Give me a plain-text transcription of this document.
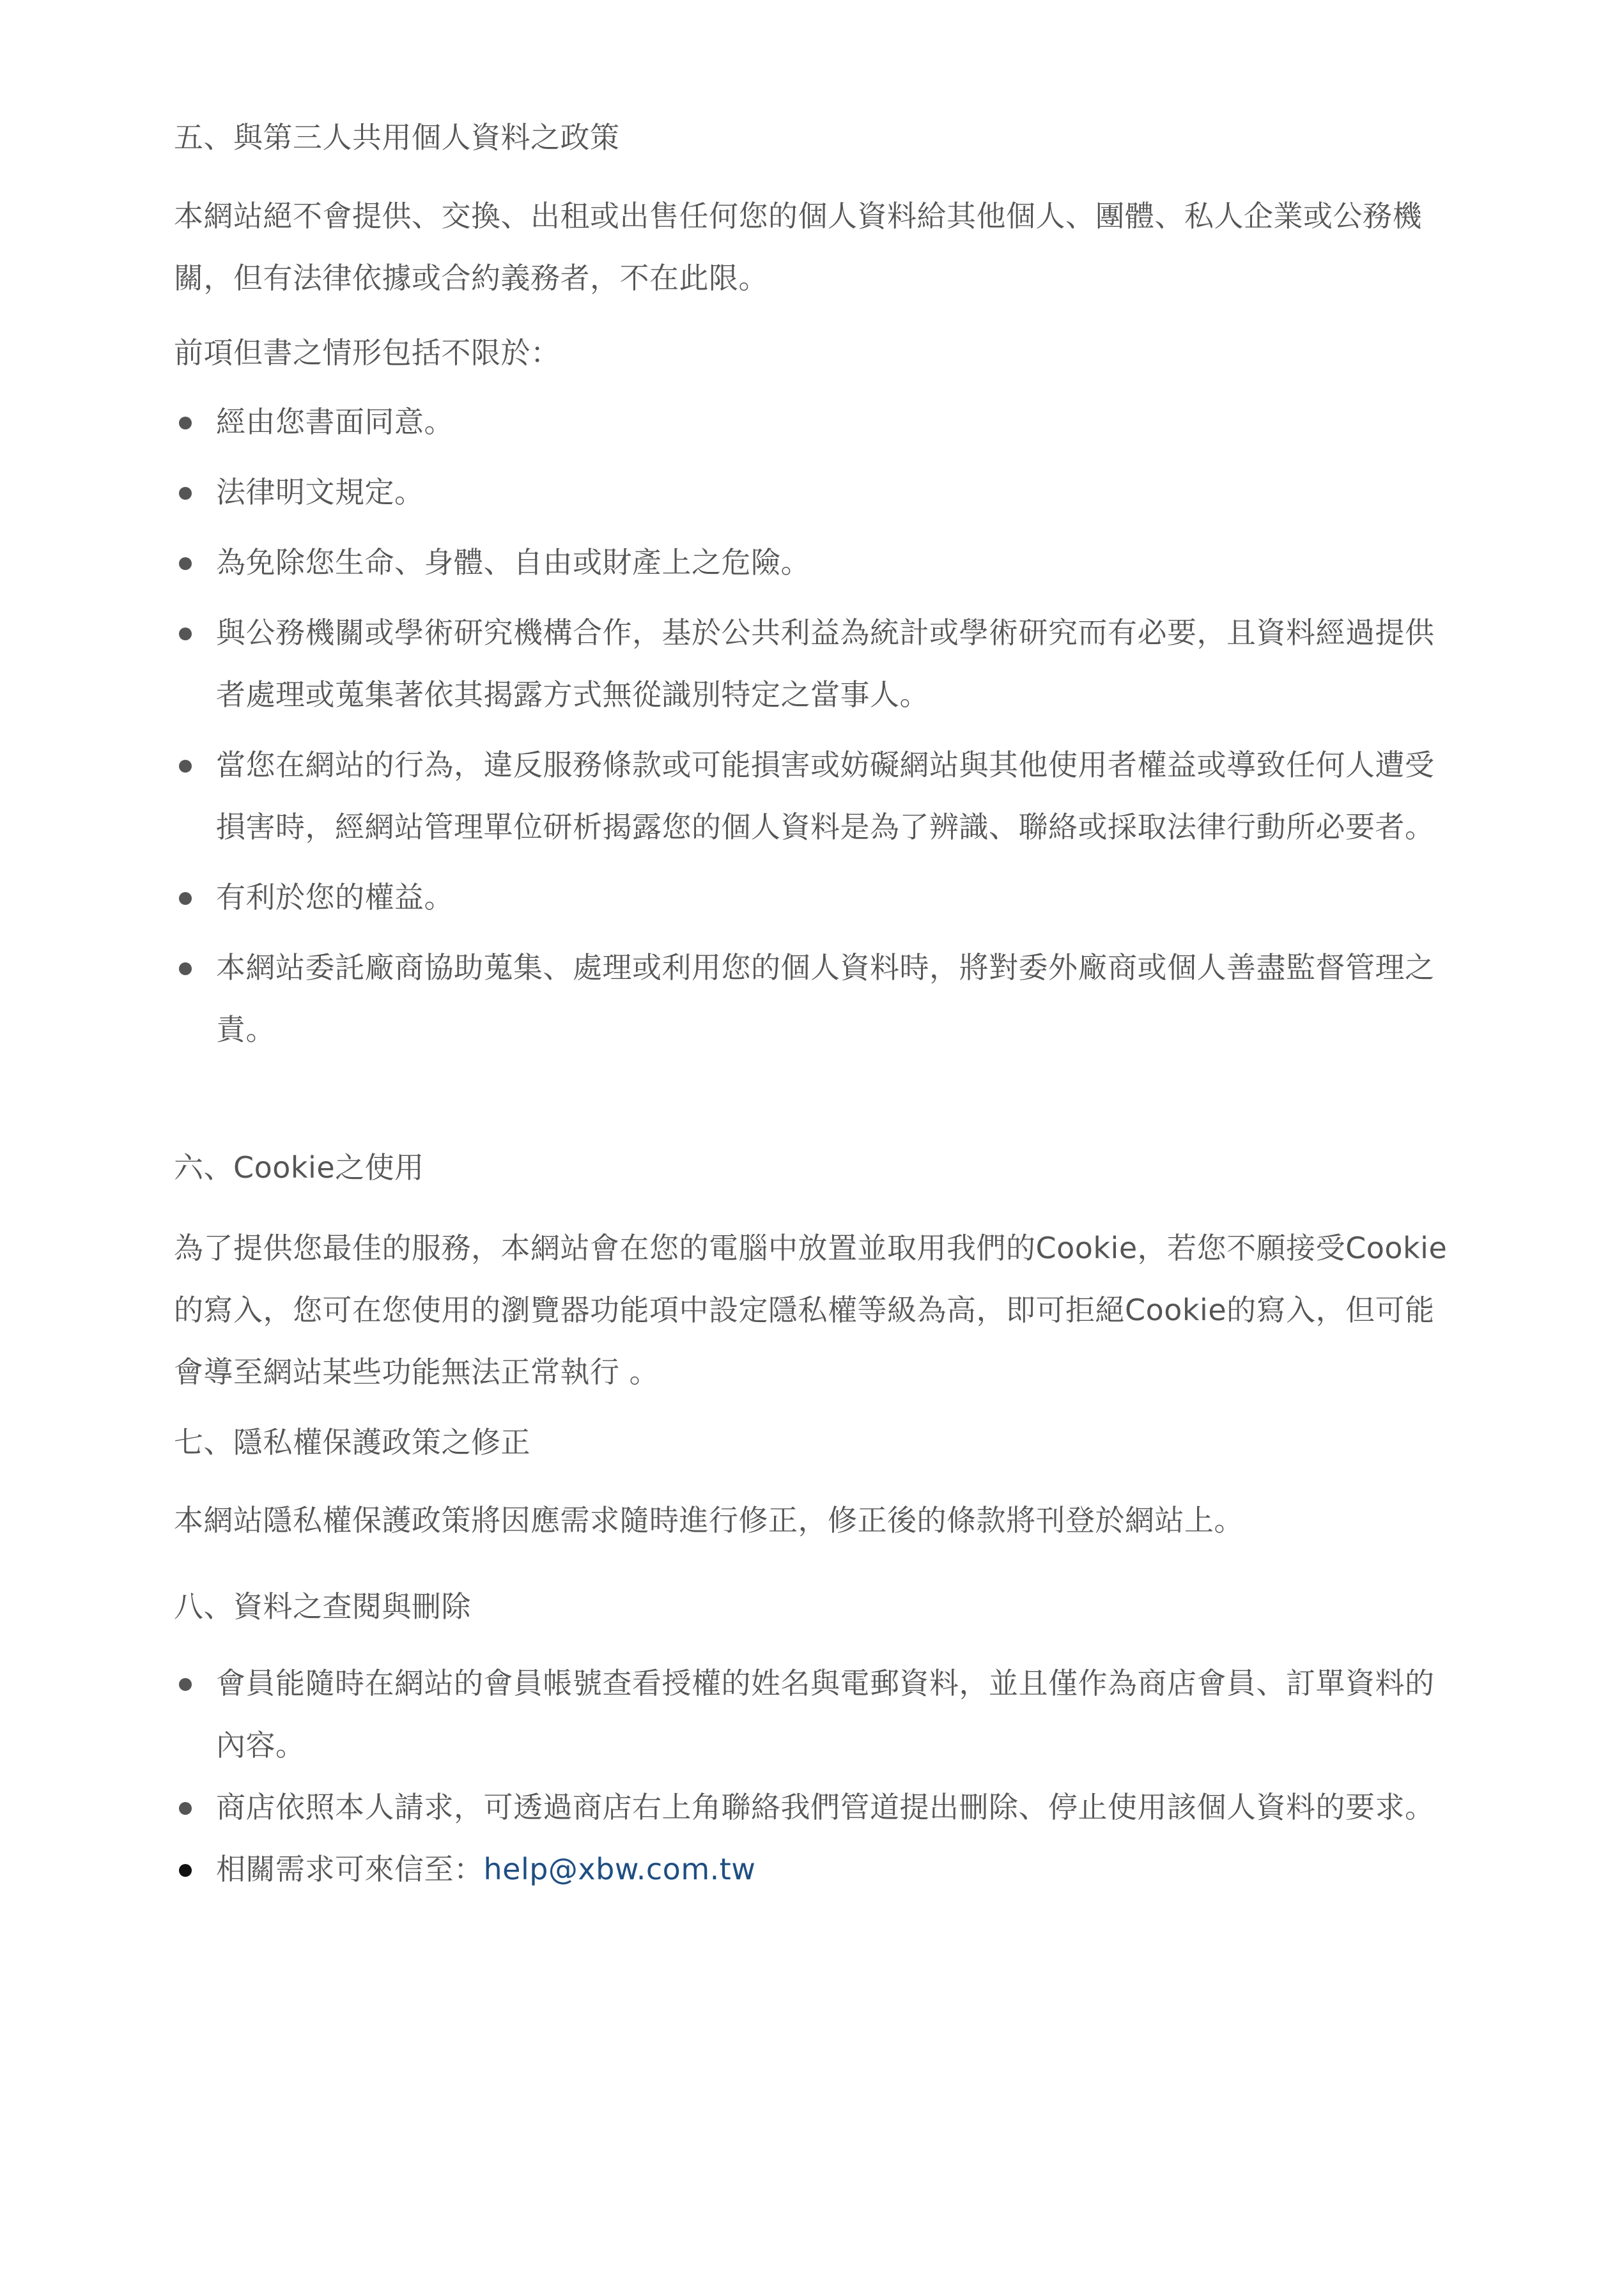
五、與第三人共用個人資料之政策

本網站絕不會提供、交換、出租或出售任何您的個人資料給其他個人、團體、私人企業或公務機關，但有法律依據或合約義務者，不在此限。

前項但書之情形包括不限於：

經由您書面同意。
法律明文規定。
為免除您生命、身體、自由或財產上之危險。
與公務機關或學術研究機構合作，基於公共利益為統計或學術研究而有必要，且資料經過提供者處理或蒐集著依其揭露方式無從識別特定之當事人。
當您在網站的行為，違反服務條款或可能損害或妨礙網站與其他使用者權益或導致任何人遭受損害時，經網站管理單位研析揭露您的個人資料是為了辨識、聯絡或採取法律行動所必要者。
有利於您的權益。
本網站委託廠商協助蒐集、處理或利用您的個人資料時，將對委外廠商或個人善盡監督管理之責。
六、Cookie之使用

為了提供您最佳的服務，本網站會在您的電腦中放置並取用我們的Cookie，若您不願接受Cookie的寫入，您可在您使用的瀏覽器功能項中設定隱私權等級為高，即可拒絕Cookie的寫入，但可能會導至網站某些功能無法正常執行 。

七、隱私權保護政策之修正

本網站隱私權保護政策將因應需求隨時進行修正，修正後的條款將刊登於網站上。

八、資料之查閱與刪除
會員能隨時在網站的會員帳號查看授權的姓名與電郵資料，並且僅作為商店會員、訂單資料的內容。
商店依照本人請求，可透過商店右上角聯絡我們管道提出刪除、停止使用該個人資料的要求。
相關需求可來信至：help@xbw.com.tw
